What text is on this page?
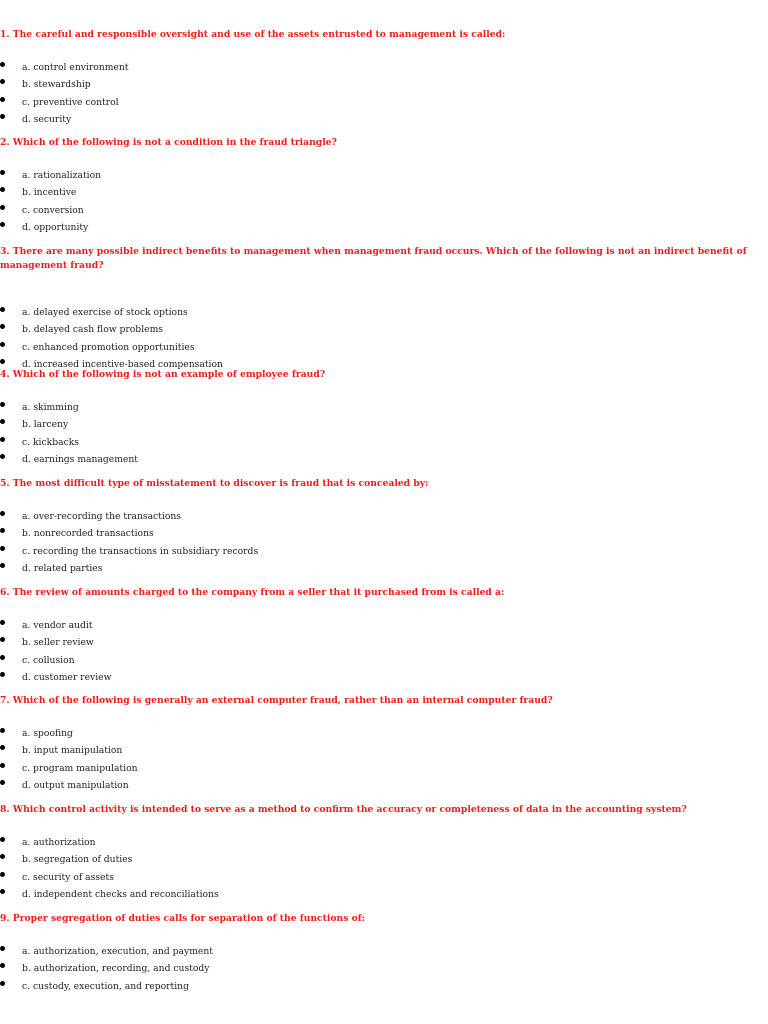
1. The careful and responsible oversight and use of the assets entrusted to management is called:

a. control environment
b. stewardship
c. preventive control
d. security

2. Which of the following is not a condition in the fraud triangle?

a. rationalization
b. incentive
c. conversion
d. opportunity

3. There are many possible indirect benefits to management when management fraud occurs. Which of the following is not an indirect benefit of management fraud?

a. delayed exercise of stock options
b. delayed cash flow problems
c. enhanced promotion opportunities
d. increased incentive-based compensation

4. Which of the following is not an example of employee fraud?

a. skimming
b. larceny
c. kickbacks
d. earnings management

5. The most difficult type of misstatement to discover is fraud that is concealed by:

a. over-recording the transactions
b. nonrecorded transactions
c. recording the transactions in subsidiary records
d. related parties

6. The review of amounts charged to the company from a seller that it purchased from is called a:

a. vendor audit
b. seller review
c. collusion
d. customer review

7. Which of the following is generally an external computer fraud, rather than an internal computer fraud?

a. spoofing
b. input manipulation
c. program manipulation
d. output manipulation

8. Which control activity is intended to serve as a method to confirm the accuracy or completeness of data in the accounting system?

a. authorization
b. segregation of duties
c. security of assets
d. independent checks and reconciliations

9. Proper segregation of duties calls for separation of the functions of:

a. authorization, execution, and payment
b. authorization, recording, and custody
c. custody, execution, and reporting
